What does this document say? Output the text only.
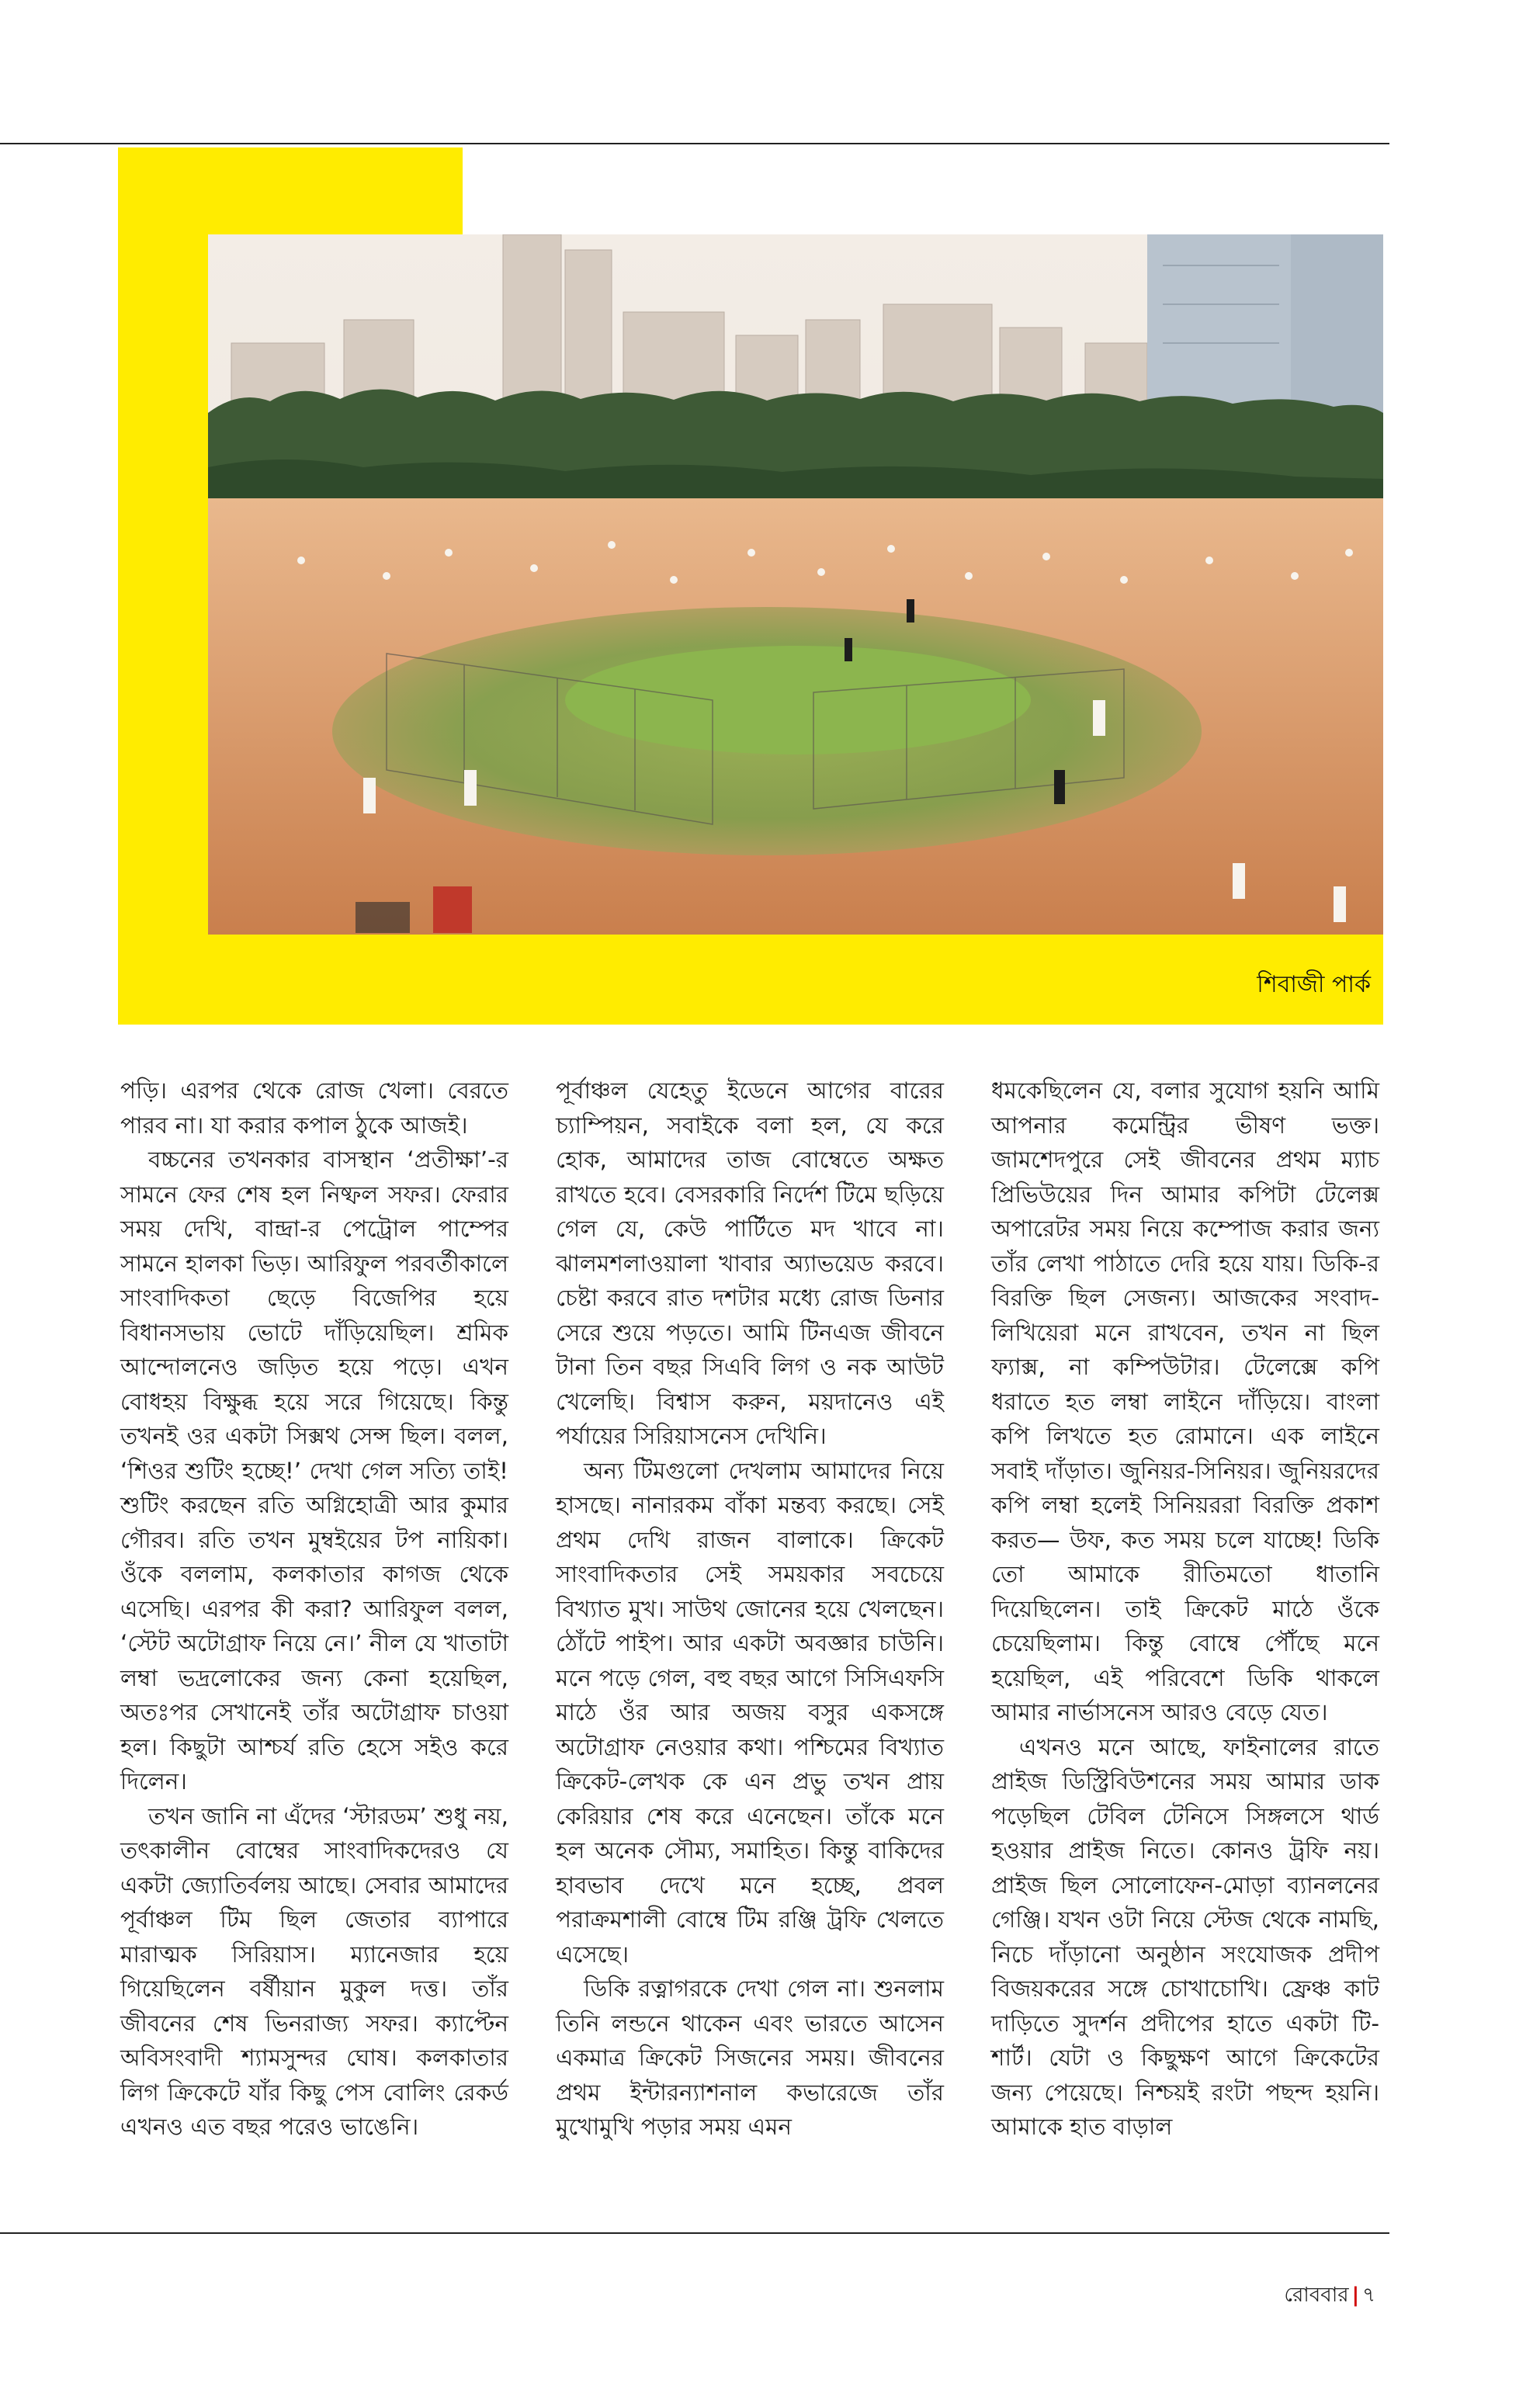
শিবাজী পার্ক

পড়ি। এরপর থেকে রোজ খেলা। বেরতে পারব না। যা করার কপাল ঠুকে আজই।

বচ্চনের তখনকার বাসস্থান ‘প্রতীক্ষা’-র সামনে ফের শেষ হল নিষ্ফল সফর। ফেরার সময় দেখি, বান্দ্রা-র পেট্রোল পাম্পের সামনে হালকা ভিড়। আরিফুল পরবর্তীকালে সাংবাদিকতা ছেড়ে বিজেপির হয়ে বিধানসভায় ভোটে দাঁড়িয়েছিল। শ্রমিক আন্দোলনেও জড়িত হয়ে পড়ে। এখন বোধহয় বিক্ষুব্ধ হয়ে সরে গিয়েছে। কিন্তু তখনই ওর একটা সিক্সথ সেন্স ছিল। বলল, ‘শিওর শুটিং হচ্ছে!’ দেখা গেল সত্যি তাই! শুটিং করছেন রতি অগ্নিহোত্রী আর কুমার গৌরব। রতি তখন মুম্বইয়ের টপ নায়িকা। ওঁকে বললাম, কলকাতার কাগজ থেকে এসেছি। এরপর কী করা? আরিফুল বলল, ‘স্টেট অটোগ্রাফ নিয়ে নে।’ নীল যে খাতাটা লম্বা ভদ্রলোকের জন্য কেনা হয়েছিল, অতঃপর সেখানেই তাঁর অটোগ্রাফ চাওয়া হল। কিছুটা আশ্চর্য রতি হেসে সইও করে দিলেন।

তখন জানি না এঁদের ‘স্টারডম’ শুধু নয়, তৎকালীন বোম্বের সাংবাদিকদেরও যে একটা জ্যোতির্বলয় আছে। সেবার আমাদের পূর্বাঞ্চল টিম ছিল জেতার ব্যাপারে মারাত্মক সিরিয়াস। ম্যানেজার হয়ে গিয়েছিলেন বর্ষীয়ান মুকুল দত্ত। তাঁর জীবনের শেষ ভিনরাজ্য সফর। ক্যাপ্টেন অবিসংবাদী শ্যামসুন্দর ঘোষ। কলকাতার লিগ ক্রিকেটে যাঁর কিছু পেস বোলিং রেকর্ড এখনও এত বছর পরেও ভাঙেনি।

পূর্বাঞ্চল যেহেতু ইডেনে আগের বারের চ্যাম্পিয়ন, সবাইকে বলা হল, যে করে হোক, আমাদের তাজ বোম্বেতে অক্ষত রাখতে হবে। বেসরকারি নির্দেশ টিমে ছড়িয়ে গেল যে, কেউ পার্টিতে মদ খাবে না। ঝালমশলাওয়ালা খাবার অ্যাভয়েড করবে। চেষ্টা করবে রাত দশটার মধ্যে রোজ ডিনার সেরে শুয়ে পড়তে। আমি টিনএজ জীবনে টানা তিন বছর সিএবি লিগ ও নক আউট খেলেছি। বিশ্বাস করুন, ময়দানেও এই পর্যায়ের সিরিয়াসনেস দেখিনি।

অন্য টিমগুলো দেখলাম আমাদের নিয়ে হাসছে। নানারকম বাঁকা মন্তব্য করছে। সেই প্রথম দেখি রাজন বালাকে। ক্রিকেট সাংবাদিকতার সেই সময়কার সবচেয়ে বিখ্যাত মুখ। সাউথ জোনের হয়ে খেলছেন। ঠোঁটে পাইপ। আর একটা অবজ্ঞার চাউনি। মনে পড়ে গেল, বহু বছর আগে সিসিএফসি মাঠে ওঁর আর অজয় বসুর একসঙ্গে অটোগ্রাফ নেওয়ার কথা। পশ্চিমের বিখ্যাত ক্রিকেট-লেখক কে এন প্রভু তখন প্রায় কেরিয়ার শেষ করে এনেছেন। তাঁকে মনে হল অনেক সৌম্য, সমাহিত। কিন্তু বাকিদের হাবভাব দেখে মনে হচ্ছে, প্রবল পরাক্রমশালী বোম্বে টিম রঞ্জি ট্রফি খেলতে এসেছে।

ডিকি রত্নাগরকে দেখা গেল না। শুনলাম তিনি লন্ডনে থাকেন এবং ভারতে আসেন একমাত্র ক্রিকেট সিজনের সময়। জীবনের প্রথম ইন্টারন্যাশনাল কভারেজে তাঁর মুখোমুখি পড়ার সময় এমন

ধমকেছিলেন যে, বলার সুযোগ হয়নি আমি আপনার কমেন্ট্রির ভীষণ ভক্ত। জামশেদপুরে সেই জীবনের প্রথম ম্যাচ প্রিভিউয়ের দিন আমার কপিটা টেলেক্স অপারেটর সময় নিয়ে কম্পোজ করার জন্য তাঁর লেখা পাঠাতে দেরি হয়ে যায়। ডিকি-র বিরক্তি ছিল সেজন্য। আজকের সংবাদ-লিখিয়েরা মনে রাখবেন, তখন না ছিল ফ্যাক্স, না কম্পিউটার। টেলেক্সে কপি ধরাতে হত লম্বা লাইনে দাঁড়িয়ে। বাংলা কপি লিখতে হত রোমানে। এক লাইনে সবাই দাঁড়াত। জুনিয়র-সিনিয়র। জুনিয়রদের কপি লম্বা হলেই সিনিয়ররা বিরক্তি প্রকাশ করত— উফ, কত সময় চলে যাচ্ছে! ডিকি তো আমাকে রীতিমতো ধাতানি দিয়েছিলেন। তাই ক্রিকেট মাঠে ওঁকে চেয়েছিলাম। কিন্তু বোম্বে পৌঁছে মনে হয়েছিল, এই পরিবেশে ডিকি থাকলে আমার নার্ভাসনেস আরও বেড়ে যেত।

এখনও মনে আছে, ফাইনালের রাতে প্রাইজ ডিস্ট্রিবিউশনের সময় আমার ডাক পড়েছিল টেবিল টেনিসে সিঙ্গলসে থার্ড হওয়ার প্রাইজ নিতে। কোনও ট্রফি নয়। প্রাইজ ছিল সোলোফেন-মোড়া ব্যানলনের গেঞ্জি। যখন ওটা নিয়ে স্টেজ থেকে নামছি, নিচে দাঁড়ানো অনুষ্ঠান সংযোজক প্রদীপ বিজয়করের সঙ্গে চোখাচোখি। ফ্রেঞ্চ কাট দাড়িতে সুদর্শন প্রদীপের হাতে একটা টি-শার্ট। যেটা ও কিছুক্ষণ আগে ক্রিকেটের জন্য পেয়েছে। নিশ্চয়ই রংটা পছন্দ হয়নি। আমাকে হাত বাড়াল

রোববার | ৭
